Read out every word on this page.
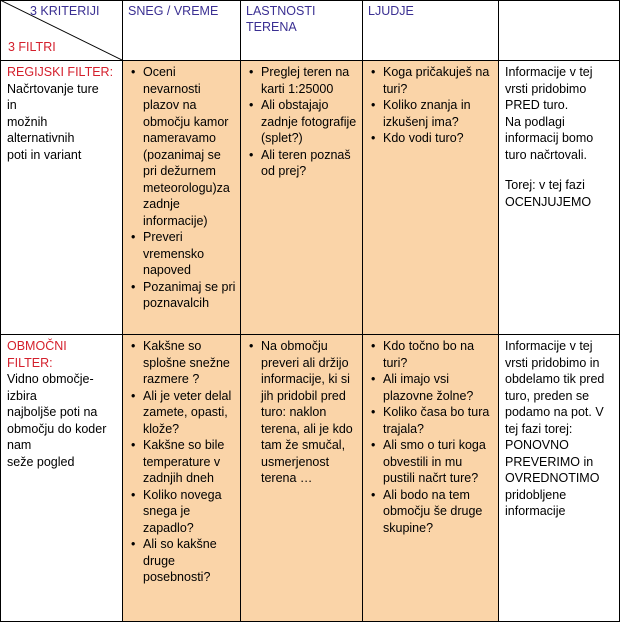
3 KRITERIJI
3 FILTRI
SNEG / VREME	LASTNOSTI TERENA
LJUDJE
REGIJSKI FILTER:
Načrtovanje ture
in
možnih
alternativnih
poti in variant
• Oceni nevarnosti plazov na območju kamor nameravamo (pozanimaj se pri dežurnem meteorologu)za zadnje informacije)
• Preveri vremensko napoved
• Pozanimaj se pri poznavalcih
• Preglej teren na karti 1:25000
• Ali obstajajo zadnje fotografije (splet?)
• Ali teren poznaš od prej?
• Koga pričakuješ na turi?
• Koliko znanja in izkušenj ima?
• Kdo vodi turo?
Informacije v tej vrsti pridobimo PRED turo.
Na podlagi informacij bomo turo načrtovali.
Torej: v tej fazi OCENJUJEMO
OBMOČNI FILTER:
Vidno območje-
izbira
najboljše poti na
območju do koder
nam
seže pogled
• Kakšne so splošne snežne razmere ?
• Ali je veter delal zamete, opasti, klože?
• Kakšne so bile temperature v zadnjih dneh
• Koliko novega snega je zapadlo?
• Ali so kakšne druge posebnosti?
• Na območju preveri ali držijo informacije, ki si jih pridobil pred turo: naklon terena, ali je kdo tam že smučal, usmerjenost terena …
• Kdo točno bo na turi?
• Ali imajo vsi plazovne žolne?
• Koliko časa bo tura trajala?
• Ali smo o turi koga obvestili in mu pustili načrt ture?
• Ali bodo na tem območju še druge skupine?
Informacije v tej vrsti pridobimo in obdelamo tik pred turo, preden se podamo na pot. V tej fazi torej: PONOVNO PREVERIMO in OVREDNOTIMO pridobljene informacije
